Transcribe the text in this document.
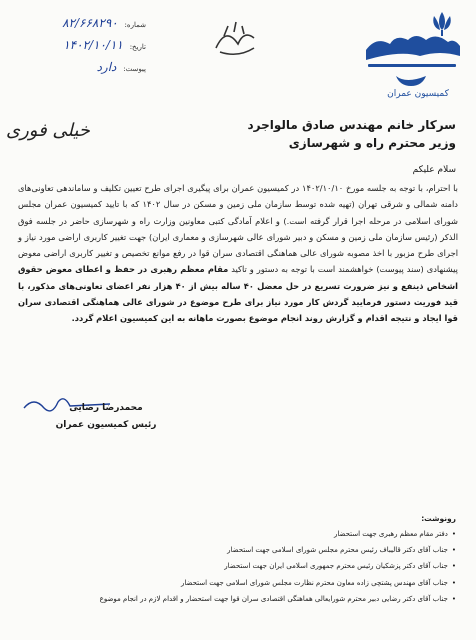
کمیسیون عمران
شماره: ۸۲/۶۶۸۲۹۰
تاریخ: ۱۴۰۲/۱۰/۱۱
پیوست: دارد
خیلی فوری	سرکار خانم مهندس صادق مالواجرد
وزیر محترم راه و شهرسازی
سلام علیکم
با احترام، با توجه به جلسه مورخ ۱۴۰۲/۱۰/۱۰ در کمیسیون عمران برای پیگیری اجرای طرح تعیین تکلیف و ساماندهی تعاونی‌های دامنه شمالی و شرقی تهران (تهیه شده توسط سازمان ملی زمین و مسکن در سال ۱۴۰۲ که با تایید کمیسیون عمران مجلس شورای اسلامی در مرحله اجرا قرار گرفته است.) و اعلام آمادگی کتبی معاونین وزارت راه و شهرسازی حاضر در جلسه فوق الذکر (رئیس سازمان ملی زمین و مسکن و دبیر شورای عالی شهرسازی و معماری ایران) جهت تغییر کاربری اراضی مورد نیاز و اجرای طرح مزبور با اخذ مصوبه شورای عالی هماهنگی اقتصادی سران قوا در رفع موانع تخصیص و تغییر کاربری اراضی معوض پیشنهادی (سند پیوست) خواهشمند است با توجه به دستور و تاکید مقام معظم رهبری در حفظ و اعطای معوض حقوق اشخاص ذینفع و نیز ضرورت تسریع در حل معضل ۴۰ ساله بیش از ۴۰ هزار نفر اعضای تعاونی‌های مذکور، با قید فوریت دستور فرمایید گردش کار مورد نیاز برای طرح موضوع در شورای عالی هماهنگی اقتصادی سران قوا ایجاد و نتیجه اقدام و گزارش روند انجام موضوع بصورت ماهانه به این کمیسیون اعلام گردد.
محمدرضا رضایی
رئیس کمیسیون عمران
رونوشت:
• دفتر مقام معظم رهبری جهت استحضار
• جناب آقای دکتر قالیباف رئیس محترم مجلس شورای اسلامی جهت استحضار
• جناب آقای دکتر پزشکیان رئیس محترم جمهوری اسلامی ایران جهت استحضار
• جناب آقای مهندس پشتچی زاده معاون محترم نظارت مجلس شورای اسلامی جهت استحضار
• جناب آقای دکتر رضایی دبیر محترم شورایعالی هماهنگی اقتصادی سران قوا جهت استحضار و اقدام لازم در انجام موضوع
